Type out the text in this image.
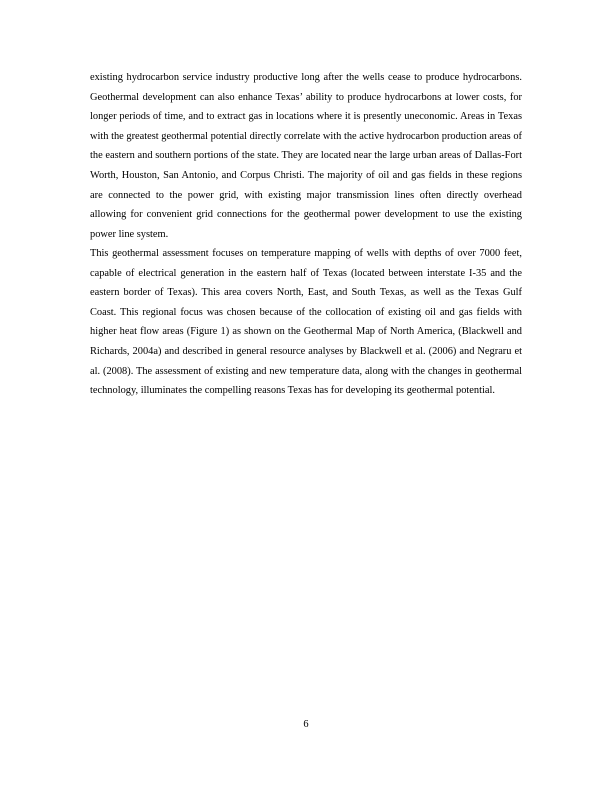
existing hydrocarbon service industry productive long after the wells cease to produce hydrocarbons. Geothermal development can also enhance Texas’ ability to produce hydrocarbons at lower costs, for longer periods of time, and to extract gas in locations where it is presently uneconomic. Areas in Texas with the greatest geothermal potential directly correlate with the active hydrocarbon production areas of the eastern and southern portions of the state. They are located near the large urban areas of Dallas-Fort Worth, Houston, San Antonio, and Corpus Christi. The majority of oil and gas fields in these regions are connected to the power grid, with existing major transmission lines often directly overhead allowing for convenient grid connections for the geothermal power development to use the existing power line system.

This geothermal assessment focuses on temperature mapping of wells with depths of over 7000 feet, capable of electrical generation in the eastern half of Texas (located between interstate I-35 and the eastern border of Texas). This area covers North, East, and South Texas, as well as the Texas Gulf Coast. This regional focus was chosen because of the collocation of existing oil and gas fields with higher heat flow areas (Figure 1) as shown on the Geothermal Map of North America, (Blackwell and Richards, 2004a) and described in general resource analyses by Blackwell et al. (2006) and Negraru et al. (2008). The assessment of existing and new temperature data, along with the changes in geothermal technology, illuminates the compelling reasons Texas has for developing its geothermal potential.

6
